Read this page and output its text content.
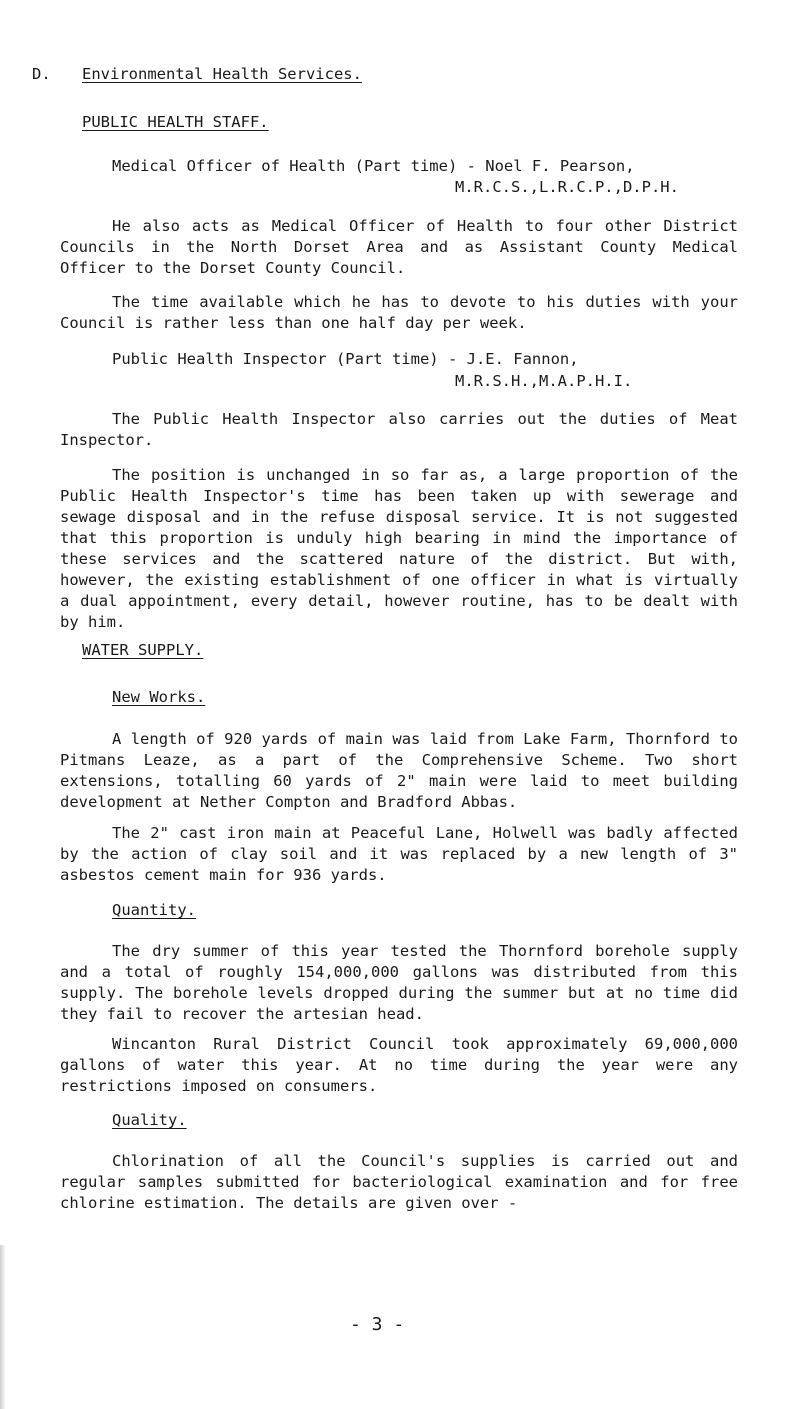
D. Environmental Health Services.
PUBLIC HEALTH STAFF.
Medical Officer of Health (Part time) - Noel F. Pearson,
M.R.C.S.,L.R.C.P.,D.P.H.
He also acts as Medical Officer of Health to four other District Councils in the North Dorset Area and as Assistant County Medical Officer to the Dorset County Council.
The time available which he has to devote to his duties with your Council is rather less than one half day per week.
Public Health Inspector (Part time) - J.E. Fannon,
M.R.S.H.,M.A.P.H.I.
The Public Health Inspector also carries out the duties of Meat Inspector.
The position is unchanged in so far as, a large proportion of the Public Health Inspector's time has been taken up with sewerage and sewage disposal and in the refuse disposal service. It is not suggested that this proportion is unduly high bearing in mind the importance of these services and the scattered nature of the district. But with, however, the existing establishment of one officer in what is virtually a dual appointment, every detail, however routine, has to be dealt with by him.
WATER SUPPLY.
New Works.
A length of 920 yards of main was laid from Lake Farm, Thornford to Pitmans Leaze, as a part of the Comprehensive Scheme. Two short extensions, totalling 60 yards of 2" main were laid to meet building development at Nether Compton and Bradford Abbas.
The 2" cast iron main at Peaceful Lane, Holwell was badly affected by the action of clay soil and it was replaced by a new length of 3" asbestos cement main for 936 yards.
Quantity.
The dry summer of this year tested the Thornford borehole supply and a total of roughly 154,000,000 gallons was distributed from this supply. The borehole levels dropped during the summer but at no time did they fail to recover the artesian head.
Wincanton Rural District Council took approximately 69,000,000 gallons of water this year. At no time during the year were any restrictions imposed on consumers.
Quality.
Chlorination of all the Council's supplies is carried out and regular samples submitted for bacteriological examination and for free chlorine estimation. The details are given over -
- 3 -
